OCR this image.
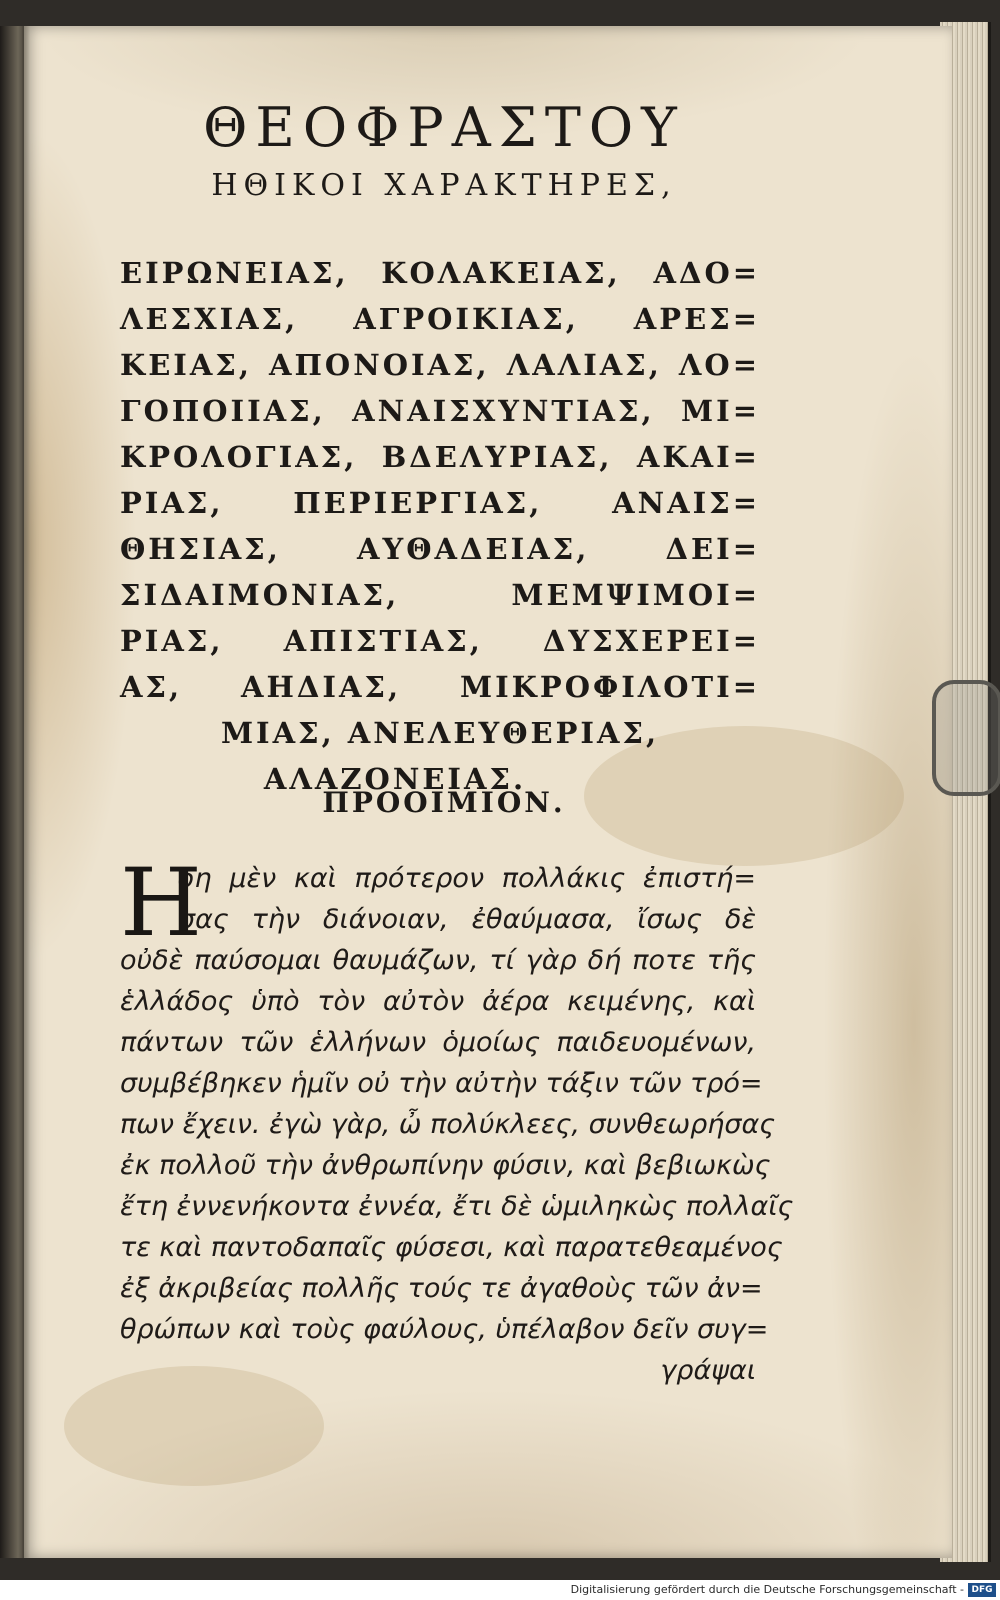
ΘΕΟΦΡΑΣΤΟΥ
ΗΘΙΚΟΙ ΧΑΡΑΚΤΗΡΕΣ,
ΕΙΡΩΝΕΙΑΣ, ΚΟΛΑΚΕΙΑΣ, ΑΔΟ=
ΛΕΣΧΙΑΣ, ΑΓΡΟΙΚΙΑΣ, ΑΡΕΣ=
ΚΕΙΑΣ, ΑΠΟΝΟΙΑΣ, ΛΑΛΙΑΣ, ΛΟ=
ΓΟΠΟΙΙΑΣ, ΑΝΑΙΣΧΥΝΤΙΑΣ, ΜΙ=
ΚΡΟΛΟΓΙΑΣ, ΒΔΕΛΥΡΙΑΣ, ΑΚΑΙ=
ΡΙΑΣ, ΠΕΡΙΕΡΓΙΑΣ, ΑΝΑΙΣ=
ΘΗΣΙΑΣ, ΑΥΘΑΔΕΙΑΣ, ΔΕΙ=
ΣΙΔΑΙΜΟΝΙΑΣ, ΜΕΜΨΙΜΟΙ=
ΡΙΑΣ, ΑΠΙΣΤΙΑΣ, ΔΥΣΧΕΡΕΙ=
ΑΣ, ΑΗΔΙΑΣ, ΜΙΚΡΟΦΙΛΟΤΙ=
ΜΙΑΣ, ΑΝΕΛΕΥΘΕΡΙΑΣ,
ΑΛΑΖΟΝΕΙΑΣ.
ΠΡΟΟΙΜΙΟΝ.
Η
δη μὲν καὶ πρότερον πολλάκις ἐπιστή=
σας τὴν διάνοιαν, ἐθαύμασα, ἴσως δὲ
οὐδὲ παύσομαι θαυμάζων, τί γὰρ δή ποτε τῆς
ἑλλάδος ὑπὸ τὸν αὐτὸν ἀέρα κειμένης, καὶ
πάντων τῶν ἑλλήνων ὁμοίως παιδευομένων,
συμβέβηκεν ἡμῖν οὐ τὴν αὐτὴν τάξιν τῶν τρό=
πων ἔχειν. ἐγὼ γὰρ, ὦ πολύκλεες, συνθεωρήσας
ἐκ πολλοῦ τὴν ἀνθρωπίνην φύσιν, καὶ βεβιωκὼς
ἔτη ἐννενήκοντα ἐννέα, ἔτι δὲ ὡμιληκὼς πολλαῖς
τε καὶ παντοδαπαῖς φύσεσι, καὶ παρατεθεαμένος
ἐξ ἀκριβείας πολλῆς τούς τε ἀγαθοὺς τῶν ἀν=
θρώπων καὶ τοὺς φαύλους, ὑπέλαβον δεῖν συγ=
γράψαι
Digitalisierung gefördert durch die Deutsche Forschungsgemeinschaft - DFG
